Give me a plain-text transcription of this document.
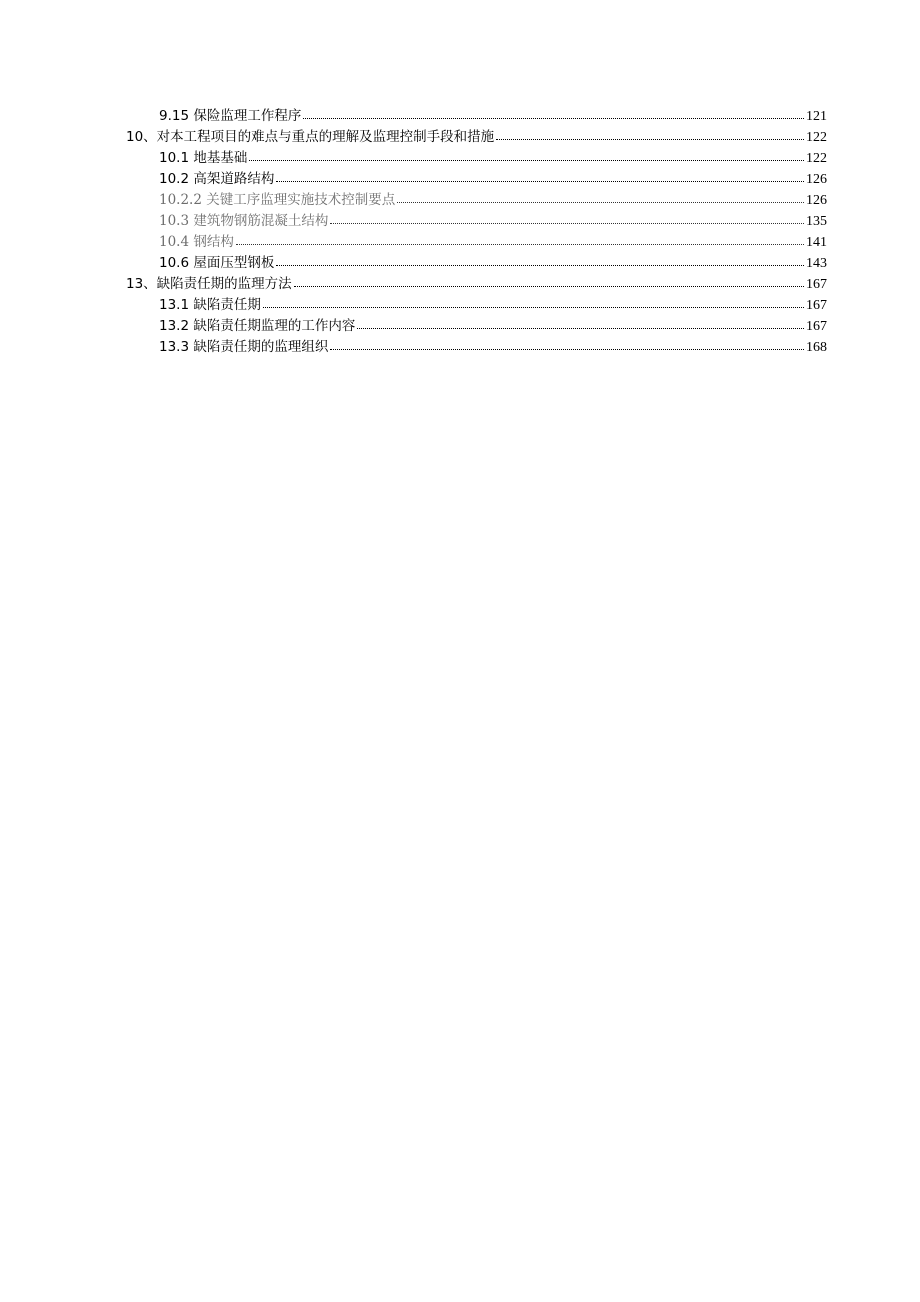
9.15 保险监理工作程序	121
10、对本工程项目的难点与重点的理解及监理控制手段和措施	122
10.1 地基基础	122
10.2 高架道路结构	126
10.2.2 关键工序监理实施技术控制要点	126
10.3 建筑物钢筋混凝土结构	135
10.4 钢结构	141
10.6 屋面压型钢板	143
13、缺陷责任期的监理方法	167
13.1 缺陷责任期	167
13.2 缺陷责任期监理的工作内容	167
13.3 缺陷责任期的监理组织	168
